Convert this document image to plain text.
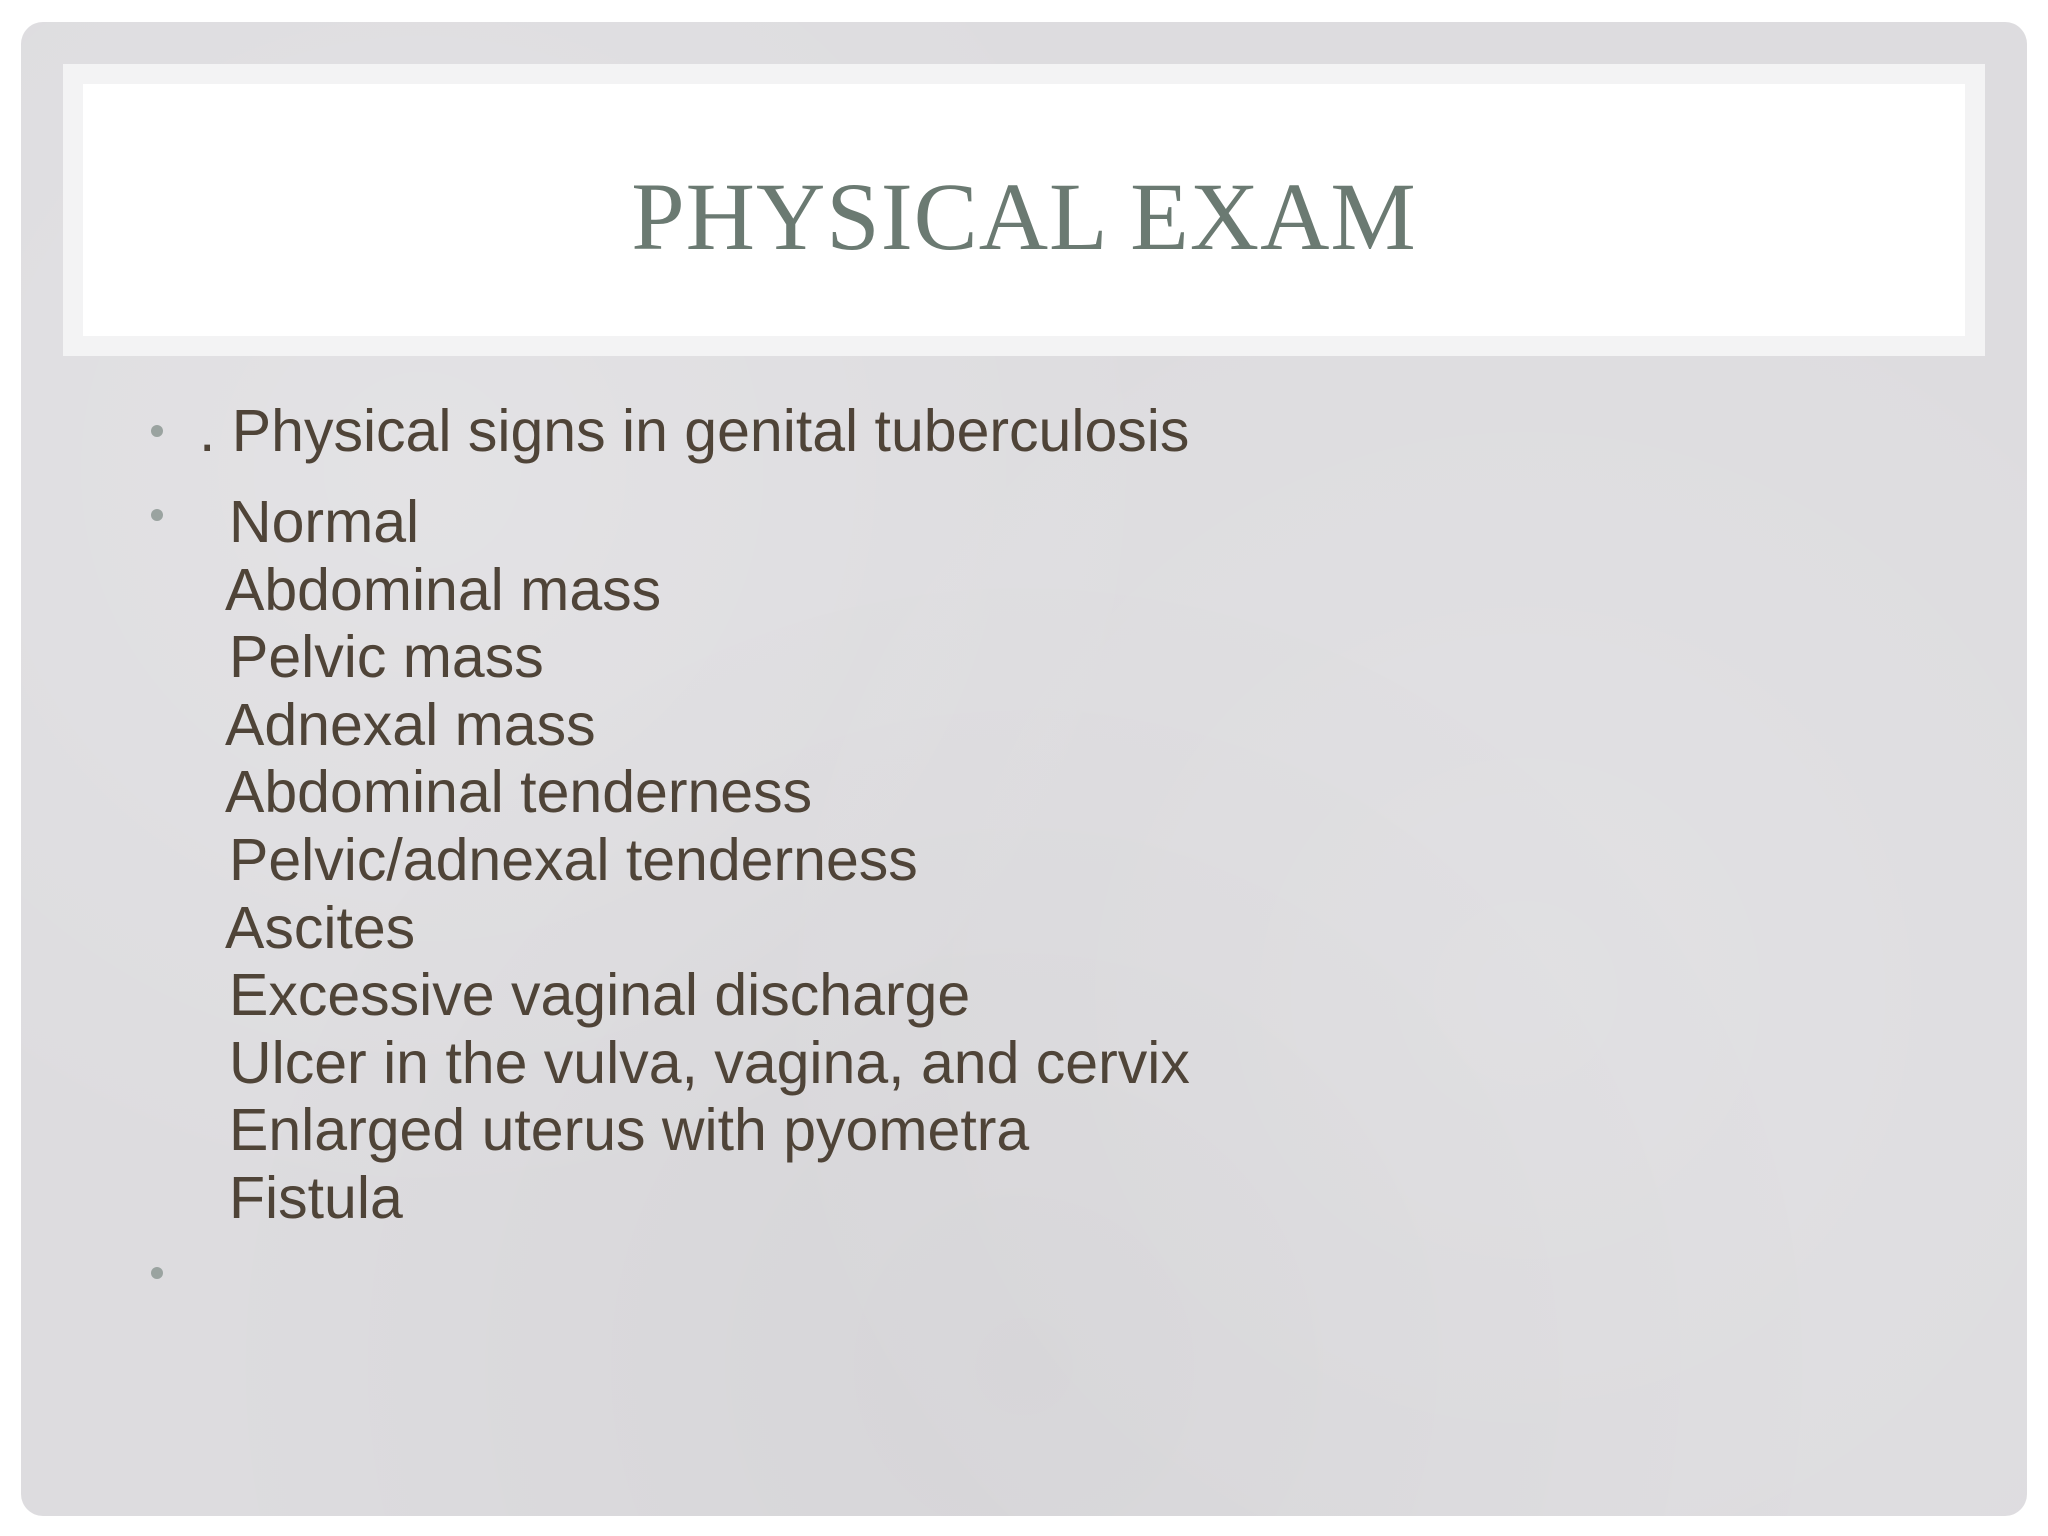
PHYSICAL EXAM
. Physical signs in genital tuberculosis
Normal
Abdominal mass
Pelvic mass
Adnexal mass
Abdominal tenderness
Pelvic/adnexal tenderness
Ascites
Excessive vaginal discharge
Ulcer in the vulva, vagina, and cervix
Enlarged uterus with pyometra
Fistula
